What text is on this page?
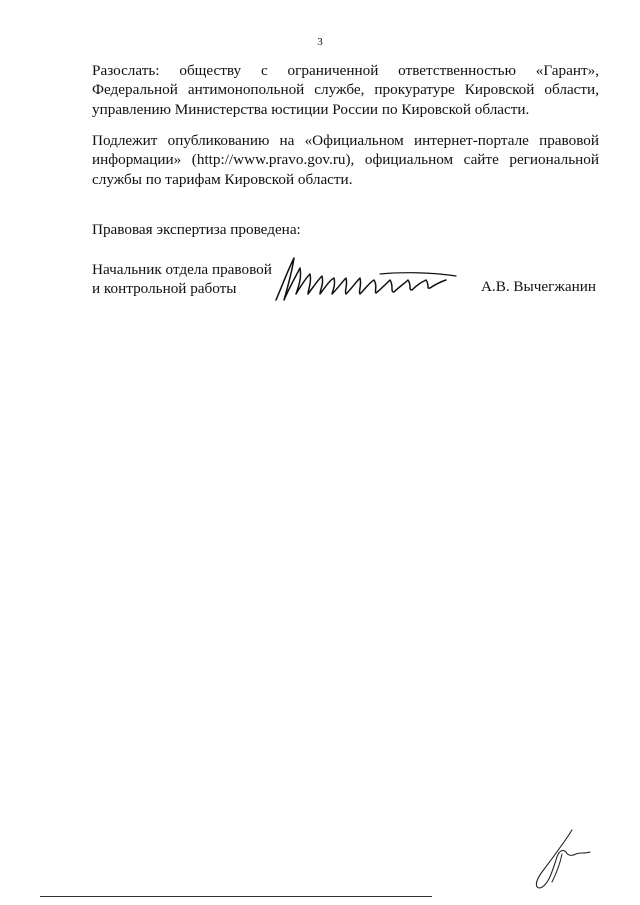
3
Разослать: обществу с ограниченной ответственностью «Гарант»,
Федеральной антимонопольной службе, прокуратуре Кировской области,
управлению Министерства юстиции России по Кировской области.
Подлежит опубликованию на «Официальном интернет-портале правовой
информации» (http://www.pravo.gov.ru), официальном сайте региональной
службы по тарифам Кировской области.
Правовая экспертиза проведена:
Начальник отдела правовой
и контрольной работы	А.В. Вычегжанин
